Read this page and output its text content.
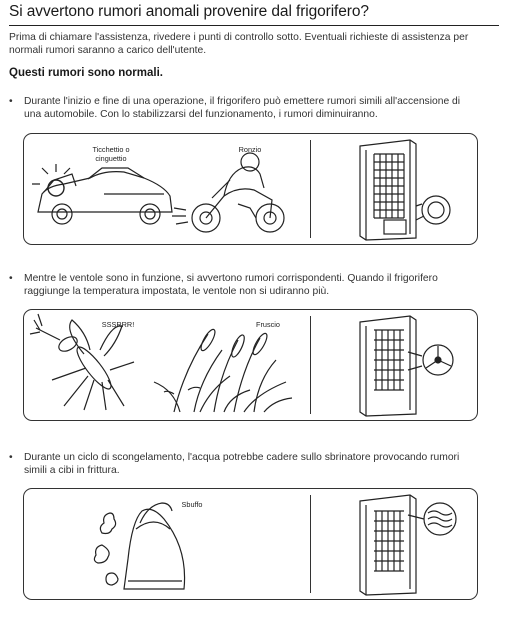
Si avvertono rumori anomali provenire dal frigorifero?
Prima di chiamare l'assistenza, rivedere i punti di controllo sotto. Eventuali richieste di assistenza per normali rumori saranno a carico dell'utente.
Questi rumori sono normali.
•	Durante l'inizio e fine di una operazione, il frigorifero può emettere rumori simili all'accensione di una automobile. Con lo stabilizzarsi del funzionamento, i rumori diminuiranno.
Ticchettio o cinguettio
Ronzio
•	Mentre le ventole sono in funzione, si avvertono rumori corrispondenti. Quando il frigorifero raggiunge la temperatura impostata, le ventole non si udiranno più.
SSSRRR!	Fruscio
•	Durante un ciclo di scongelamento, l'acqua potrebbe cadere sullo sbrinatore provocando rumori simili a cibi in frittura.
Sbuffo
